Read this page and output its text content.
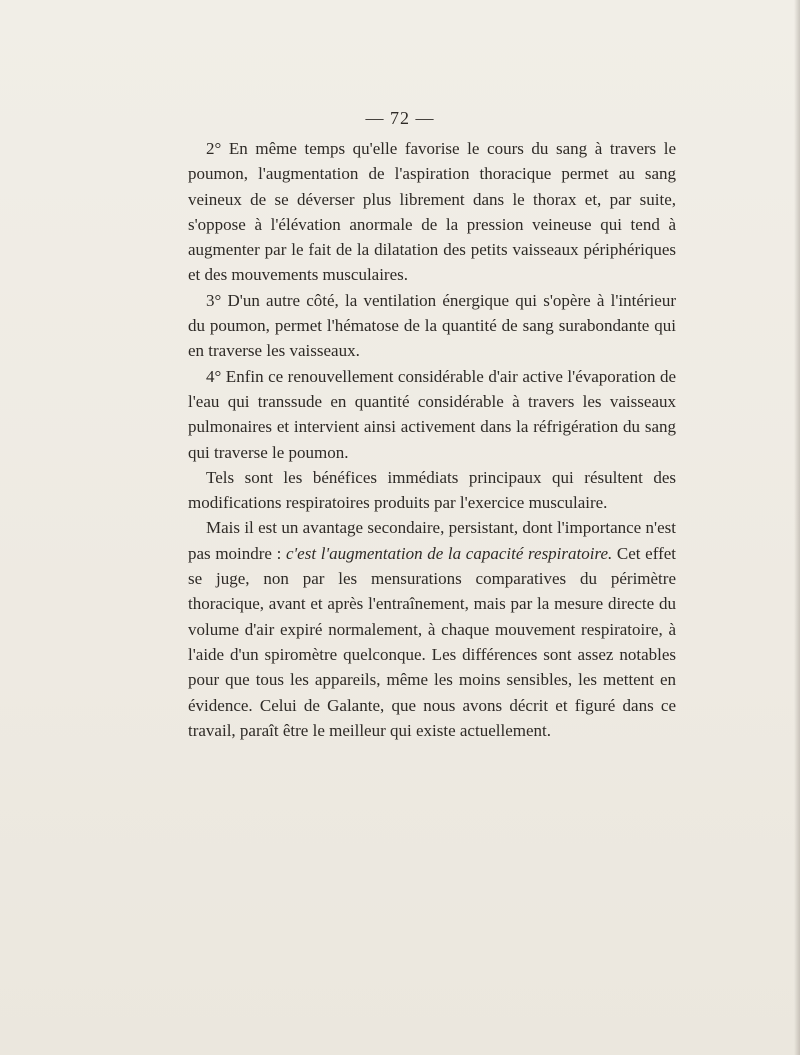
— 72 —

2° En même temps qu'elle favorise le cours du sang à travers le poumon, l'augmentation de l'aspiration thoracique permet au sang veineux de se déverser plus librement dans le thorax et, par suite, s'oppose à l'élévation anormale de la pression veineuse qui tend à augmenter par le fait de la dilatation des petits vaisseaux périphériques et des mouvements musculaires.

3° D'un autre côté, la ventilation énergique qui s'opère à l'intérieur du poumon, permet l'hématose de la quantité de sang surabondante qui en traverse les vaisseaux.

4° Enfin ce renouvellement considérable d'air active l'évaporation de l'eau qui transsude en quantité considérable à travers les vaisseaux pulmonaires et intervient ainsi activement dans la réfrigération du sang qui traverse le poumon.

Tels sont les bénéfices immédiats principaux qui résultent des modifications respiratoires produits par l'exercice musculaire.

Mais il est un avantage secondaire, persistant, dont l'importance n'est pas moindre : c'est l'augmentation de la capacité respiratoire. Cet effet se juge, non par les mensurations comparatives du périmètre thoracique, avant et après l'entraînement, mais par la mesure directe du volume d'air expiré normalement, à chaque mouvement respiratoire, à l'aide d'un spiromètre quelconque. Les différences sont assez notables pour que tous les appareils, même les moins sensibles, les mettent en évidence. Celui de Galante, que nous avons décrit et figuré dans ce travail, paraît être le meilleur qui existe actuellement.
